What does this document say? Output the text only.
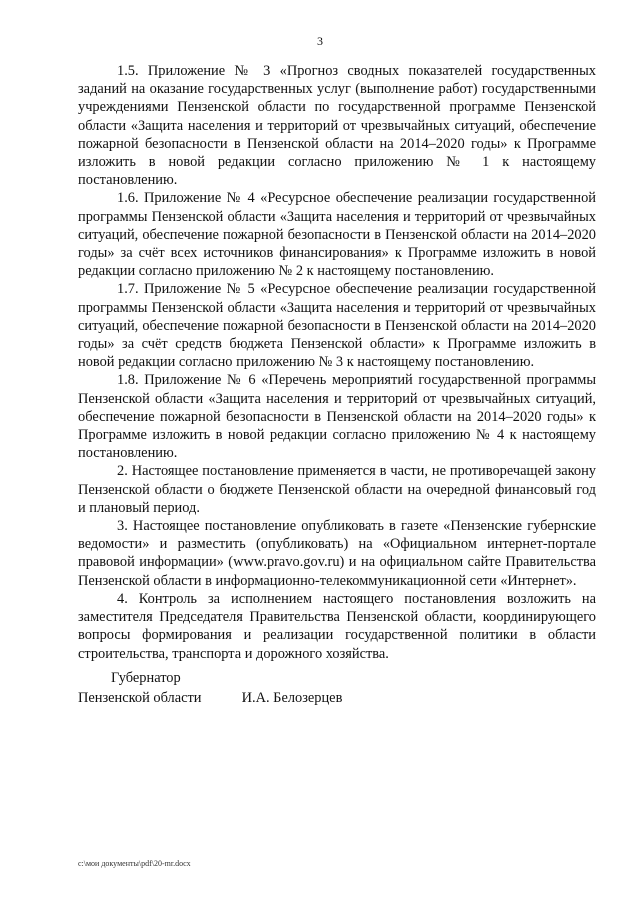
3

1.5. Приложение № 3 «Прогноз сводных показателей государственных заданий на оказание государственных услуг (выполнение работ) государственными учреждениями Пензенской области по государственной программе Пензенской области «Защита населения и территорий от чрезвычайных ситуаций, обеспечение пожарной безопасности в Пензенской области на 2014–2020 годы» к Программе изложить в новой редакции согласно приложению № 1 к настоящему постановлению.

1.6. Приложение № 4 «Ресурсное обеспечение реализации государственной программы Пензенской области «Защита населения и территорий от чрезвычайных ситуаций, обеспечение пожарной безопасности в Пензенской области на 2014–2020 годы» за счёт всех источников финансирования» к Программе изложить в новой редакции согласно приложению № 2 к настоящему постановлению.

1.7. Приложение № 5 «Ресурсное обеспечение реализации государственной программы Пензенской области «Защита населения и территорий от чрезвычайных ситуаций, обеспечение пожарной безопасности в Пензенской области на 2014–2020 годы» за счёт средств бюджета Пензенской области» к Программе изложить в новой редакции согласно приложению № 3 к настоящему постановлению.

1.8. Приложение № 6 «Перечень мероприятий государственной программы Пензенской области «Защита населения и территорий от чрезвычайных ситуаций, обеспечение пожарной безопасности в Пензенской области на 2014–2020 годы» к Программе изложить в новой редакции согласно приложению № 4 к настоящему постановлению.

2. Настоящее постановление применяется в части, не противоречащей закону Пензенской области о бюджете Пензенской области на очередной финансовый год и плановый период.

3. Настоящее постановление опубликовать в газете «Пензенские губернские ведомости» и разместить (опубликовать) на «Официальном интернет-портале правовой информации» (www.pravo.gov.ru) и на официальном сайте Правительства Пензенской области в информационно-телекоммуникационной сети «Интернет».

4. Контроль за исполнением настоящего постановления возложить на заместителя Председателя Правительства Пензенской области, координирующего вопросы формирования и реализации государственной политики в области строительства, транспорта и дорожного хозяйства.

Губернатор
Пензенской области	И.А. Белозерцев
c:\мои документы\pdf\20-mr.docx
